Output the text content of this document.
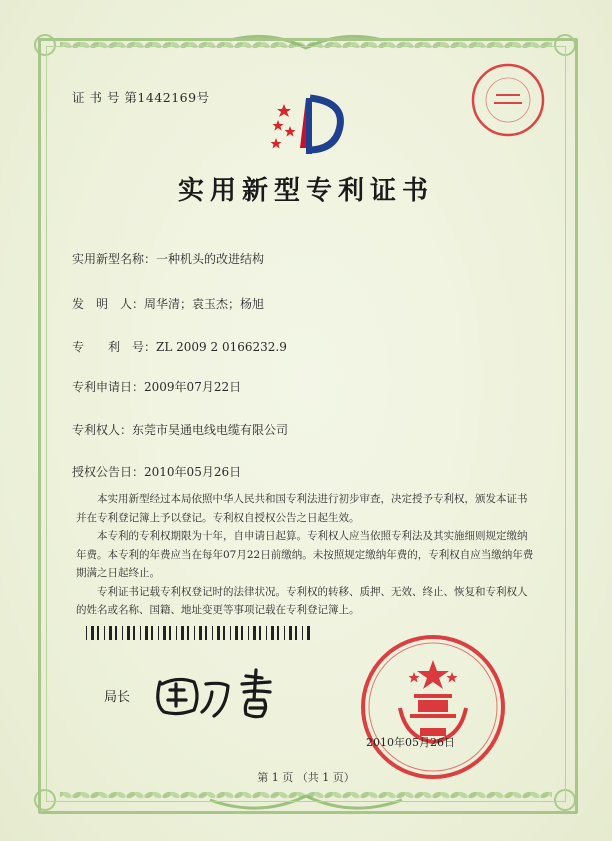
证 书 号 第1442169号
实用新型专利证书
实用新型名称：一种机头的改进结构
发　明　人：周华清；袁玉杰；杨旭
专　　利　号：ZL 2009 2 0166232.9
专利申请日：2009年07月22日
专利权人：东莞市昊通电线电缆有限公司
授权公告日：2010年05月26日

本实用新型经过本局依照中华人民共和国专利法进行初步审查，决定授予专利权，颁发本证书并在专利登记簿上予以登记。专利权自授权公告之日起生效。

本专利的专利权期限为十年，自申请日起算。专利权人应当依照专利法及其实施细则规定缴纳年费。本专利的年费应当在每年07月22日前缴纳。未按照规定缴纳年费的，专利权自应当缴纳年费期满之日起终止。

专利证书记载专利权登记时的法律状况。专利权的转移、质押、无效、终止、恢复和专利权人的姓名或名称、国籍、地址变更等事项记载在专利登记簿上。

局长
2010年05月26日
第 1 页 （共 1 页）
